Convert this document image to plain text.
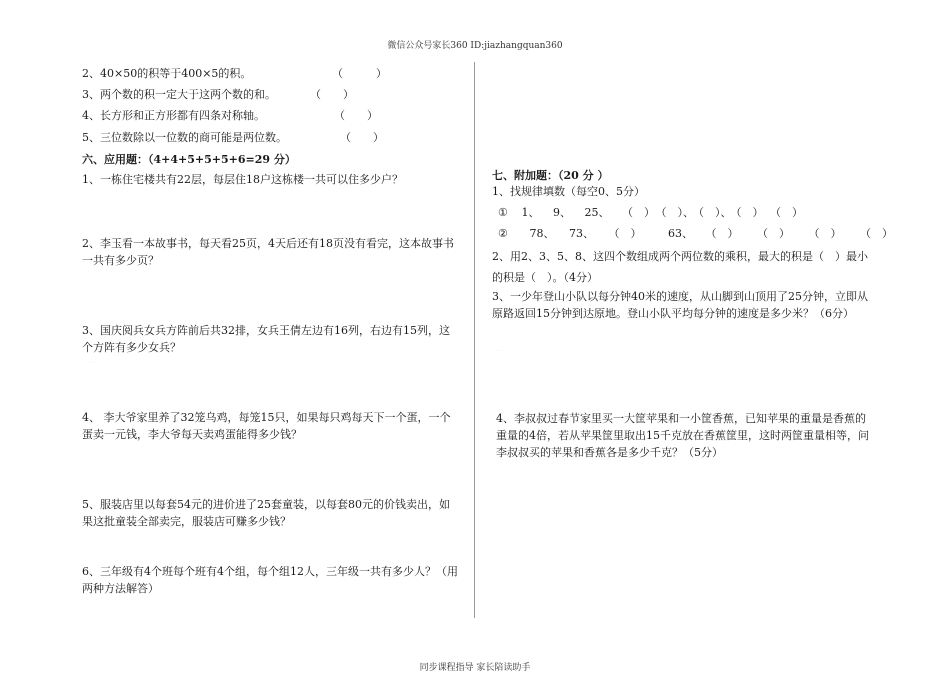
微信公众号家长360 ID:jiazhangquan360
2、40×50的积等于400×5的积。	（　　　）
3、两个数的积一定大于这两个数的和。	（　　）
4、长方形和正方形都有四条对称轴。	（　　）
5、三位数除以一位数的商可能是两位数。	（　　）
六、应用题：（4+4+5+5+5+6=29 分）
1、一栋住宅楼共有22层，每层住18户这栋楼一共可以住多少户？
2、李玉看一本故事书，每天看25页，4天后还有18页没有看完，这本故事书一共有多少页？
3、国庆阅兵女兵方阵前后共32排，女兵王倩左边有16列，右边有15列，这个方阵有多少女兵？
·····
4、 李大爷家里养了32笼乌鸡，每笼15只，如果每只鸡每天下一个蛋，一个蛋卖一元钱，李大爷每天卖鸡蛋能得多少钱？
5、服装店里以每套54元的进价进了25套童装，以每套80元的价钱卖出，如果这批童装全部卖完，服装店可赚多少钱？
6、三年级有4个班每个班有4个组，每个组12人，三年级一共有多少人？（用两种方法解答）
七、附加题：（20 分 ）
1、找规律填数（每空0、5分）
① 1、 9、 25、 （　） （　）、 （　）、 （　） （　）
② 78、 73、 （　） 63、 （　） （　） （　） （　）
2、用2、3、5、8、这四个数组成两个两位数的乘积，最大的积是（　）最小的积是（　）。（4分）
3、一少年登山小队以每分钟40米的速度，从山脚到山顶用了25分钟，立即从原路返回15分钟到达原地。登山小队平均每分钟的速度是多少米？（6分）
·····
4、李叔叔过春节家里买一大筐苹果和一小筐香蕉，已知苹果的重量是香蕉的重量的4倍，若从苹果筐里取出15千克放在香蕉筐里，这时两筐重量相等，问李叔叔买的苹果和香蕉各是多少千克？（5分）
同步课程指导 家长陪读助手
